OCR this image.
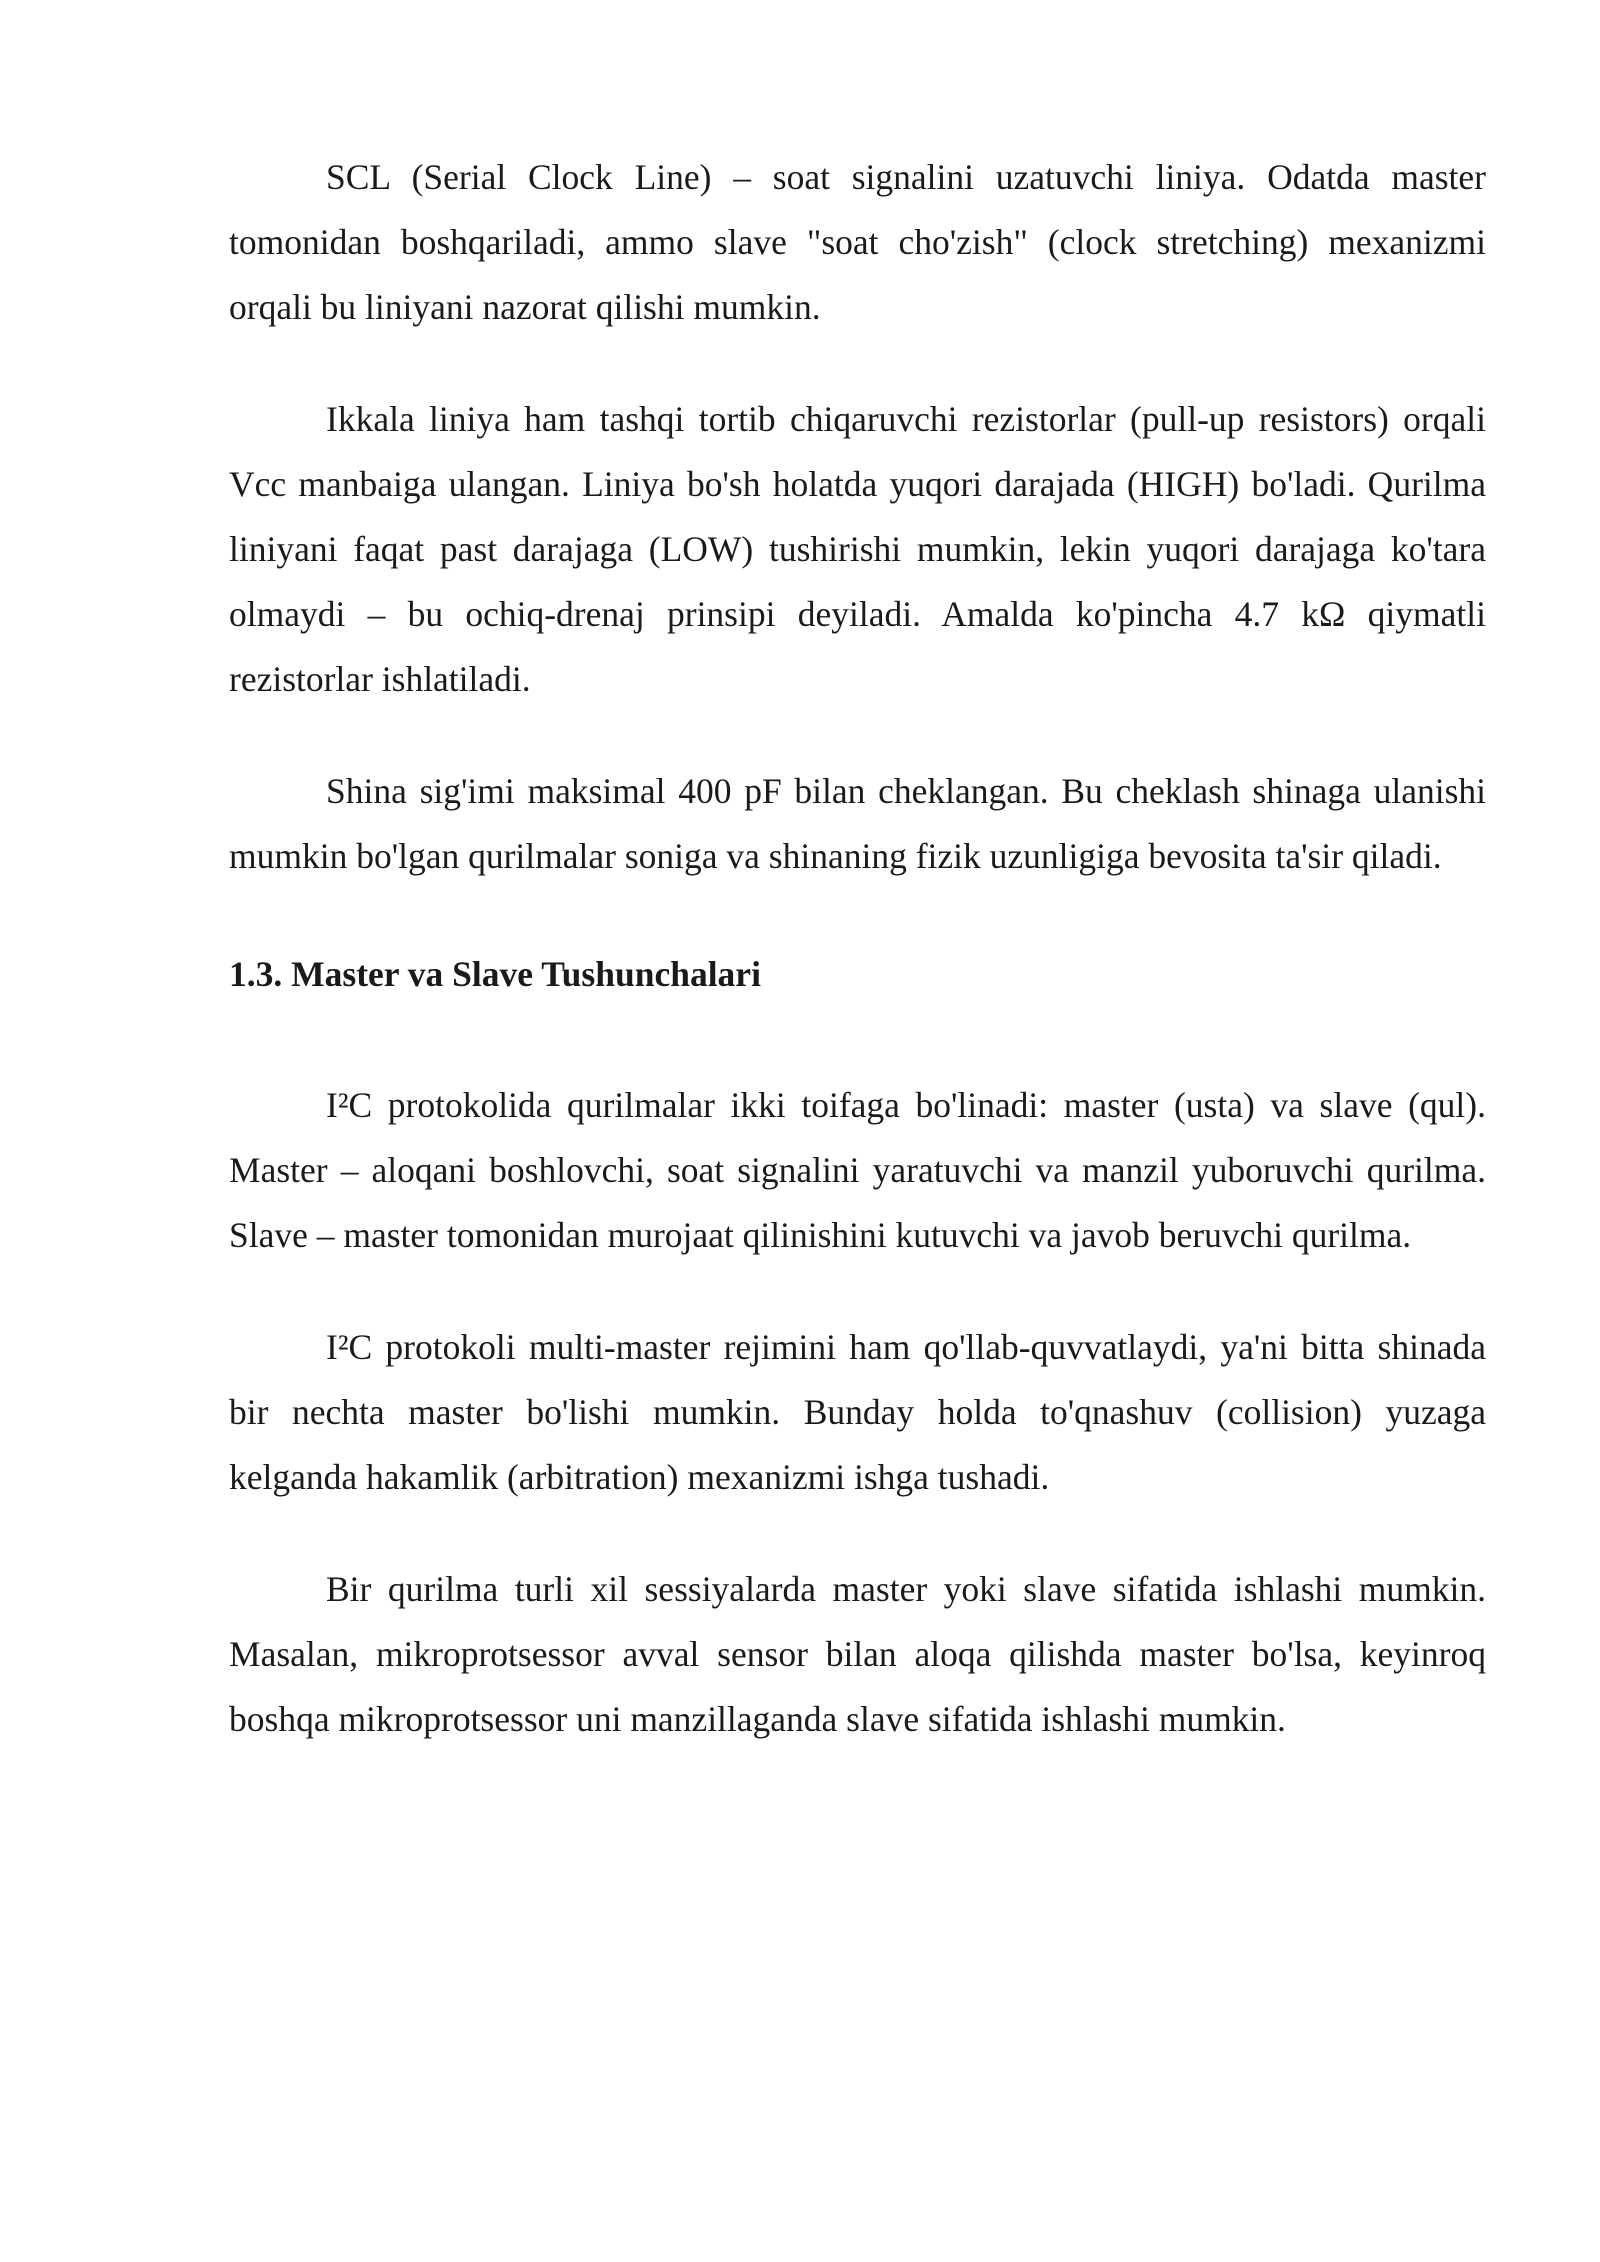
SCL (Serial Clock Line) – soat signalini uzatuvchi liniya. Odatda master tomonidan boshqariladi, ammo slave "soat cho'zish" (clock stretching) mexanizmi orqali bu liniyani nazorat qilishi mumkin.

Ikkala liniya ham tashqi tortib chiqaruvchi rezistorlar (pull-up resistors) orqali Vcc manbaiga ulangan. Liniya bo'sh holatda yuqori darajada (HIGH) bo'ladi. Qurilma liniyani faqat past darajaga (LOW) tushirishi mumkin, lekin yuqori darajaga ko'tara olmaydi – bu ochiq-drenaj prinsipi deyiladi. Amalda ko'pincha 4.7 kΩ qiymatli rezistorlar ishlatiladi.

Shina sig'imi maksimal 400 pF bilan cheklangan. Bu cheklash shinaga ulanishi mumkin bo'lgan qurilmalar soniga va shinaning fizik uzunligiga bevosita ta'sir qiladi.

1.3. Master va Slave Tushunchalari

I²C protokolida qurilmalar ikki toifaga bo'linadi: master (usta) va slave (qul). Master – aloqani boshlovchi, soat signalini yaratuvchi va manzil yuboruvchi qurilma. Slave – master tomonidan murojaat qilinishini kutuvchi va javob beruvchi qurilma.

I²C protokoli multi-master rejimini ham qo'llab-quvvatlaydi, ya'ni bitta shinada bir nechta master bo'lishi mumkin. Bunday holda to'qnashuv (collision) yuzaga kelganda hakamlik (arbitration) mexanizmi ishga tushadi.

Bir qurilma turli xil sessiyalarda master yoki slave sifatida ishlashi mumkin. Masalan, mikroprotsessor avval sensor bilan aloqa qilishda master bo'lsa, keyinroq boshqa mikroprotsessor uni manzillaganda slave sifatida ishlashi mumkin.
